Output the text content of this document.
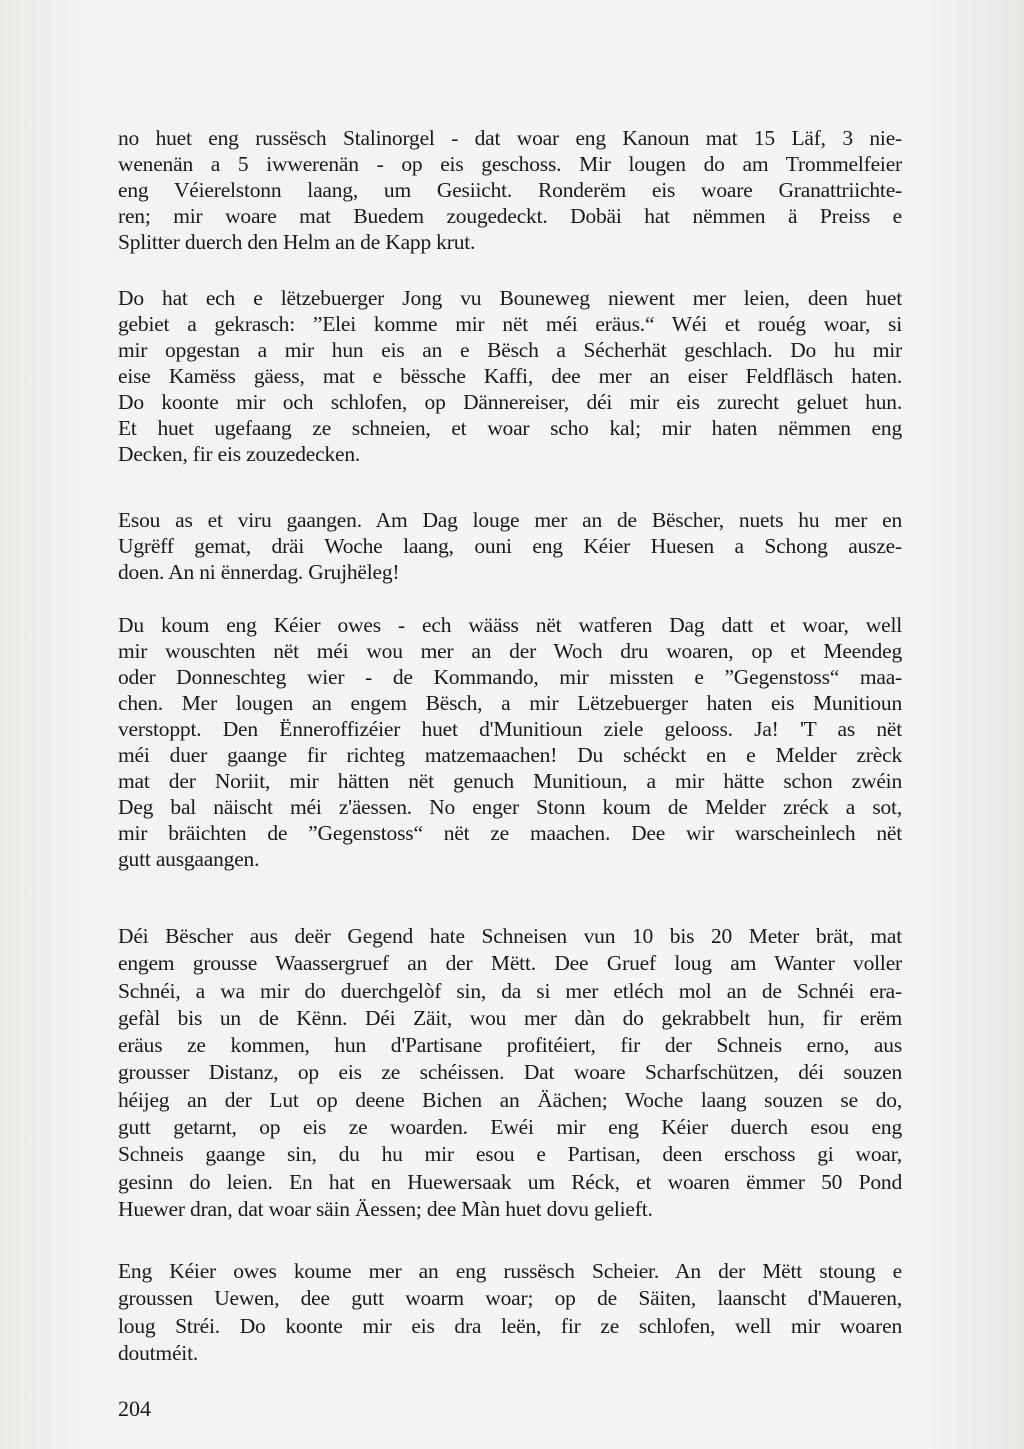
no huet eng russësch Stalinorgel - dat woar eng Kanoun mat 15 Läf, 3 nie-
wenenän a 5 iwwerenän - op eis geschoss. Mir lougen do am Trommelfeier
eng Véierelstonn laang, um Gesiicht. Ronderëm eis woare Granattriichte-
ren; mir woare mat Buedem zougedeckt. Dobäi hat nëmmen ä Preiss e
Splitter duerch den Helm an de Kapp krut.
Do hat ech e lëtzebuerger Jong vu Bouneweg niewent mer leien, deen huet
gebiet a gekrasch: ”Elei komme mir nët méi eräus.“ Wéi et rouég woar, si
mir opgestan a mir hun eis an e Bësch a Sécherhät geschlach. Do hu mir
eise Kamëss gäess, mat e bëssche Kaffi, dee mer an eiser Feldfläsch haten.
Do koonte mir och schlofen, op Dännereiser, déi mir eis zurecht geluet hun.
Et huet ugefaang ze schneien, et woar scho kal; mir haten nëmmen eng
Decken, fir eis zouzedecken.
Esou as et viru gaangen. Am Dag louge mer an de Bëscher, nuets hu mer en
Ugrëff gemat, dräi Woche laang, ouni eng Kéier Huesen a Schong ausze-
doen. An ni ënnerdag. Grujhëleg!
Du koum eng Kéier owes - ech wääss nët watferen Dag datt et woar, well
mir wouschten nët méi wou mer an der Woch dru woaren, op et Meendeg
oder Donneschteg wier - de Kommando, mir missten e ”Gegenstoss“ maa-
chen. Mer lougen an engem Bësch, a mir Lëtzebuerger haten eis Munitioun
verstoppt. Den Ënneroffizéier huet d'Munitioun ziele gelooss. Ja! 'T as nët
méi duer gaange fir richteg matzemaachen! Du schéckt en e Melder zrèck
mat der Noriit, mir hätten nët genuch Munitioun, a mir hätte schon zwéin
Deg bal näischt méi z'äessen. No enger Stonn koum de Melder zréck a sot,
mir bräichten de ”Gegenstoss“ nët ze maachen. Dee wir warscheinlech nët
gutt ausgaangen.
Déi Bëscher aus deër Gegend hate Schneisen vun 10 bis 20 Meter brät, mat
engem grousse Waassergruef an der Mëtt. Dee Gruef loug am Wanter voller
Schnéi, a wa mir do duerchgelòf sin, da si mer etléch mol an de Schnéi era-
gefàl bis un de Kënn. Déi Zäit, wou mer dàn do gekrabbelt hun, fir erëm
eräus ze kommen, hun d'Partisane profitéiert, fir der Schneis erno, aus
grousser Distanz, op eis ze schéissen. Dat woare Scharfschützen, déi souzen
héijeg an der Lut op deene Bichen an Äächen; Woche laang souzen se do,
gutt getarnt, op eis ze woarden. Ewéi mir eng Kéier duerch esou eng
Schneis gaange sin, du hu mir esou e Partisan, deen erschoss gi woar,
gesinn do leien. En hat en Huewersaak um Réck, et woaren ëmmer 50 Pond
Huewer dran, dat woar säin Äessen; dee Màn huet dovu gelieft.
Eng Kéier owes koume mer an eng russësch Scheier. An der Mëtt stoung e
groussen Uewen, dee gutt woarm woar; op de Säiten, laanscht d'Maueren,
loug Stréi. Do koonte mir eis dra leën, fir ze schlofen, well mir woaren
doutméit.
204
